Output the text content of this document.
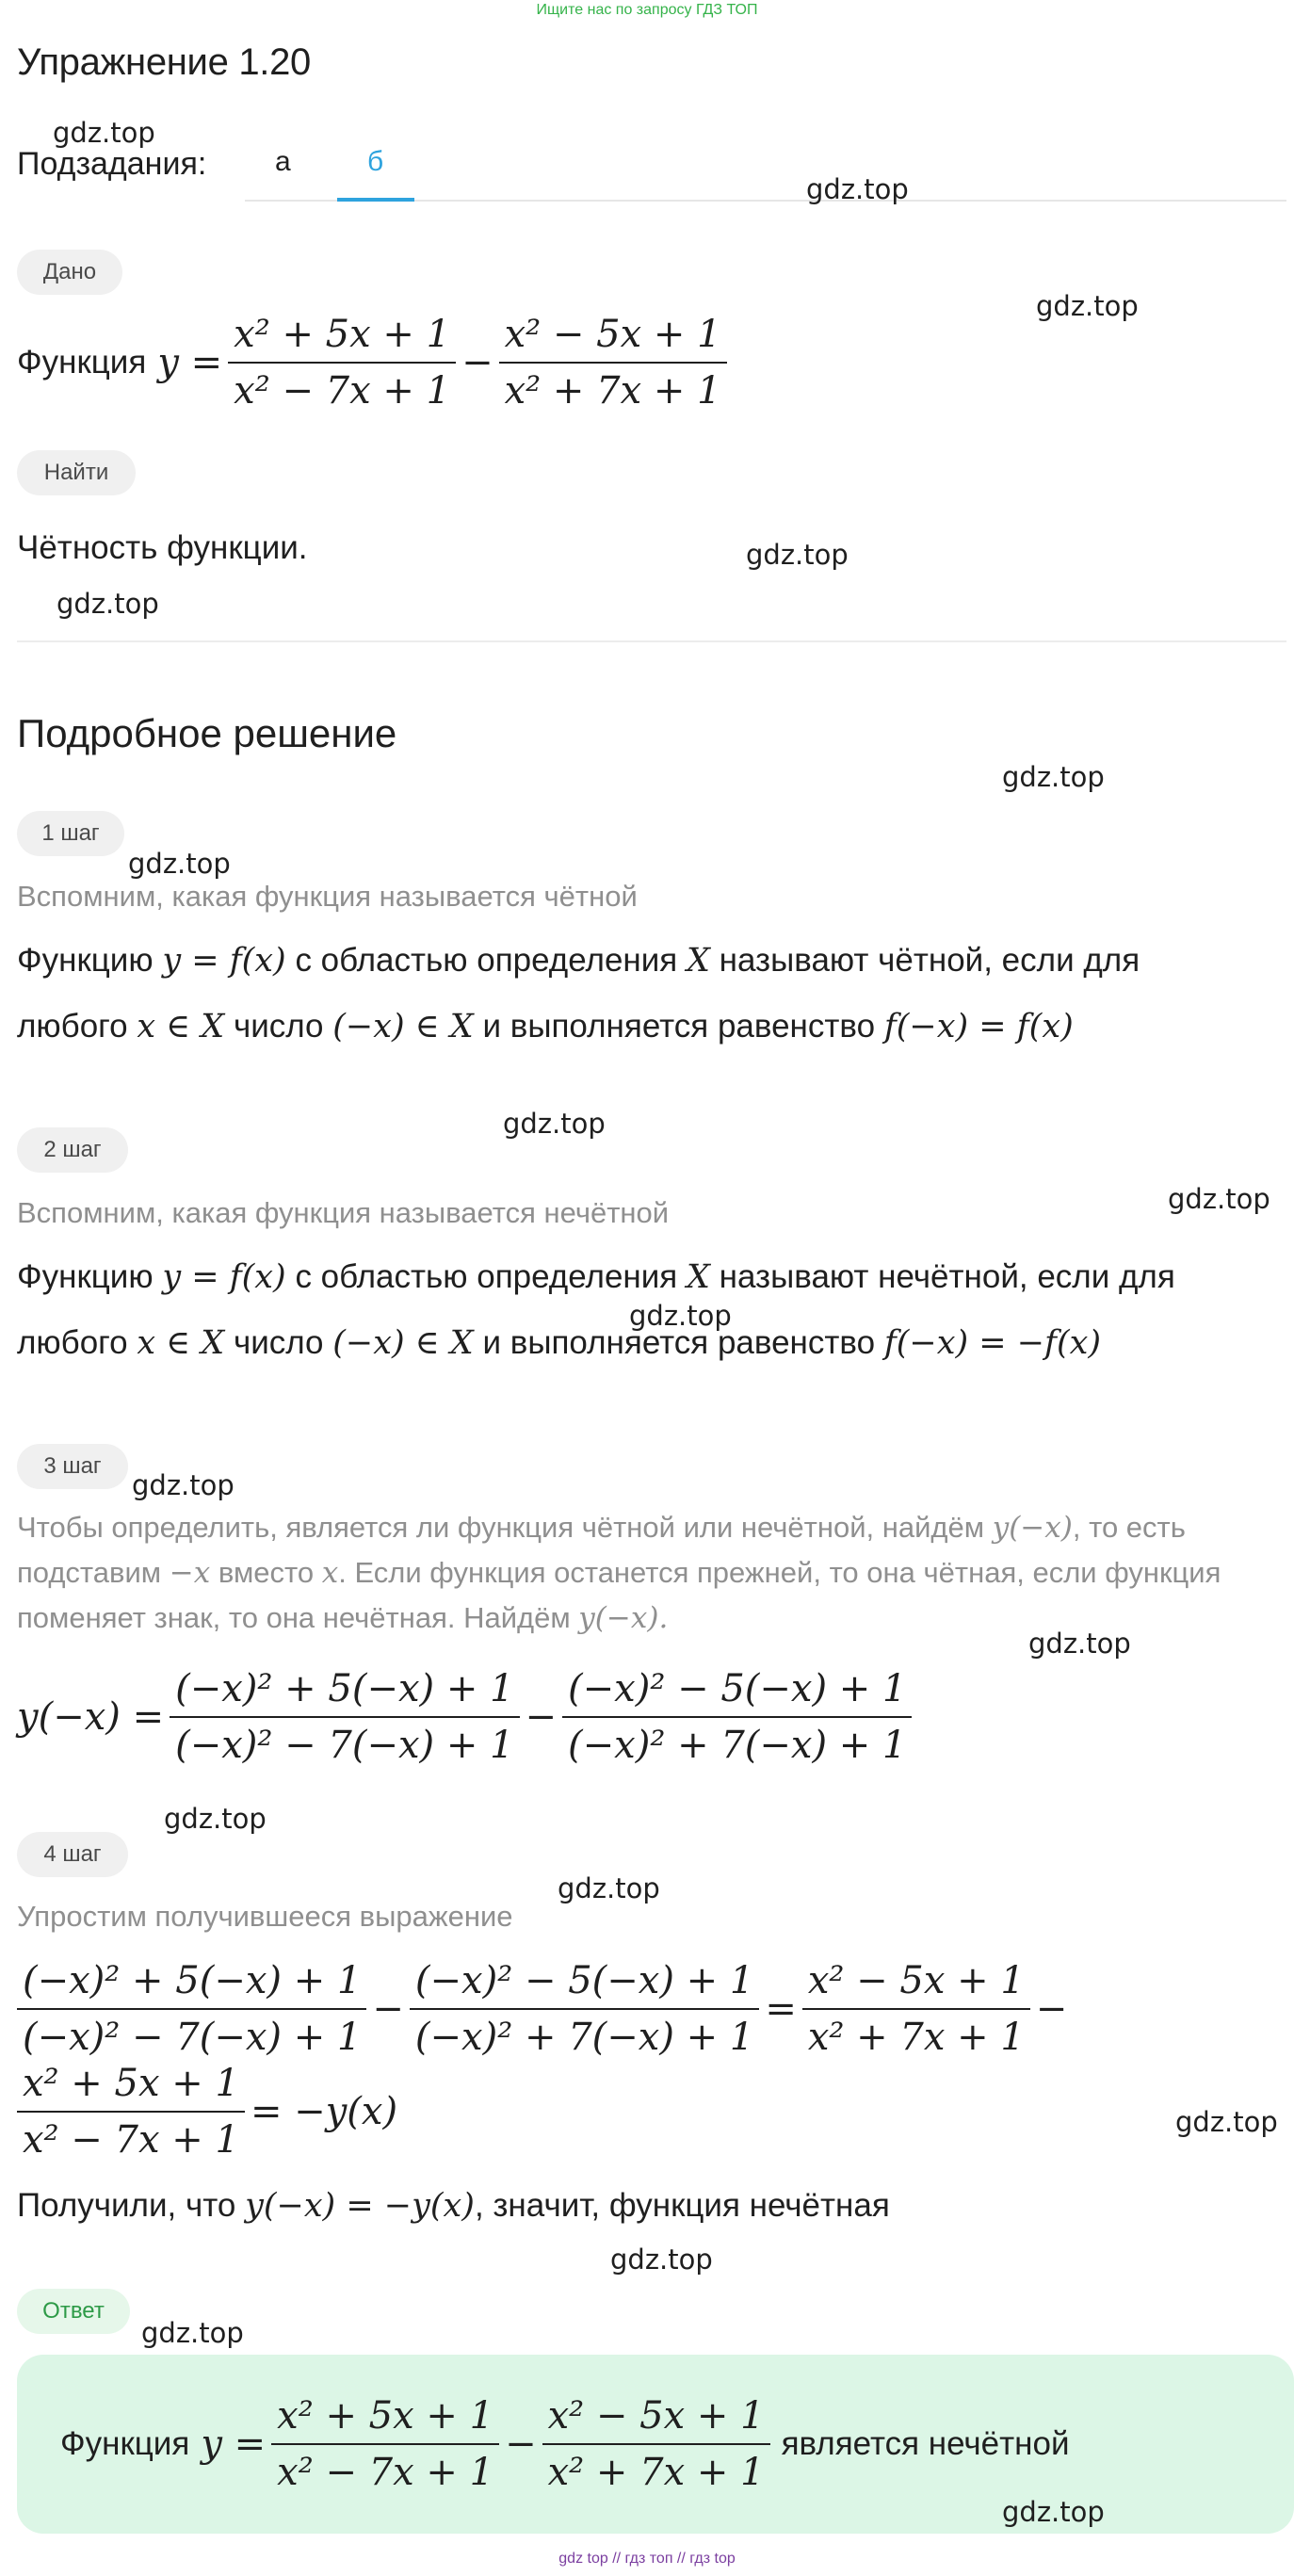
Ищите нас по запросу ГДЗ ТОП
Упражнение 1.20
Подзадания: а	б
Дано
Функция $y = \frac{\text{x² + 5x + 1}}{\text{x² − 7x + 1}} - \frac{\text{x² − 5x + 1}}{\text{x² + 7x + 1}}$
Найти
Чётность функции.
Подробное решение
1 шаг
Вспомним, какая функция называется чётной
Функцию y = f(x) с областью определения X называют чётной, если для
любого x ∈ X число (−x) ∈ X и выполняется равенство f(−x) = f(x)
2 шаг
Вспомним, какая функция называется нечётной
Функцию y = f(x) с областью определения X называют нечётной, если для
любого x ∈ X число (−x) ∈ X и выполняется равенство f(−x) = −f(x)
3 шаг
Чтобы определить, является ли функция чётной или нечётной, найдём y(−x), то есть
подставим −x вместо x. Если функция останется прежней, то она чётная, если функция
поменяет знак, то она нечётная. Найдём y(−x).
$y(-x) = \frac{\text{(−x)² + 5(−x) + 1}}{\text{(−x)² − 7(−x) + 1}} - \frac{\text{(−x)² − 5(−x) + 1}}{\text{(−x)² + 7(−x) + 1}}$
4 шаг
Упростим получившееся выражение
$\frac{\text{(−x)² + 5(−x) + 1}}{\text{(−x)² − 7(−x) + 1}} - \frac{\text{(−x)² − 5(−x) + 1}}{\text{(−x)² + 7(−x) + 1}} = \frac{\text{x² − 5x + 1}}{\text{x² + 7x + 1}}$ −
$\frac{\text{x² + 5x + 1}}{\text{x² − 7x + 1}} = -y(x)$
Получили, что y(−x) = −y(x), значит, функция нечётная
Ответ
Функция $y = \frac{\text{x² + 5x + 1}}{\text{x² − 7x + 1}} - \frac{\text{x² − 5x + 1}}{\text{x² + 7x + 1}}$ является нечётной
gdz.top
gdz.top
gdz.top
gdz.top
gdz.top
gdz.top
gdz.top
gdz.top
gdz.top
gdz.top
gdz.top
gdz.top
gdz.top
gdz.top
gdz.top
gdz.top
gdz.top
gdz.top
gdz top // гдз топ // гдз top
